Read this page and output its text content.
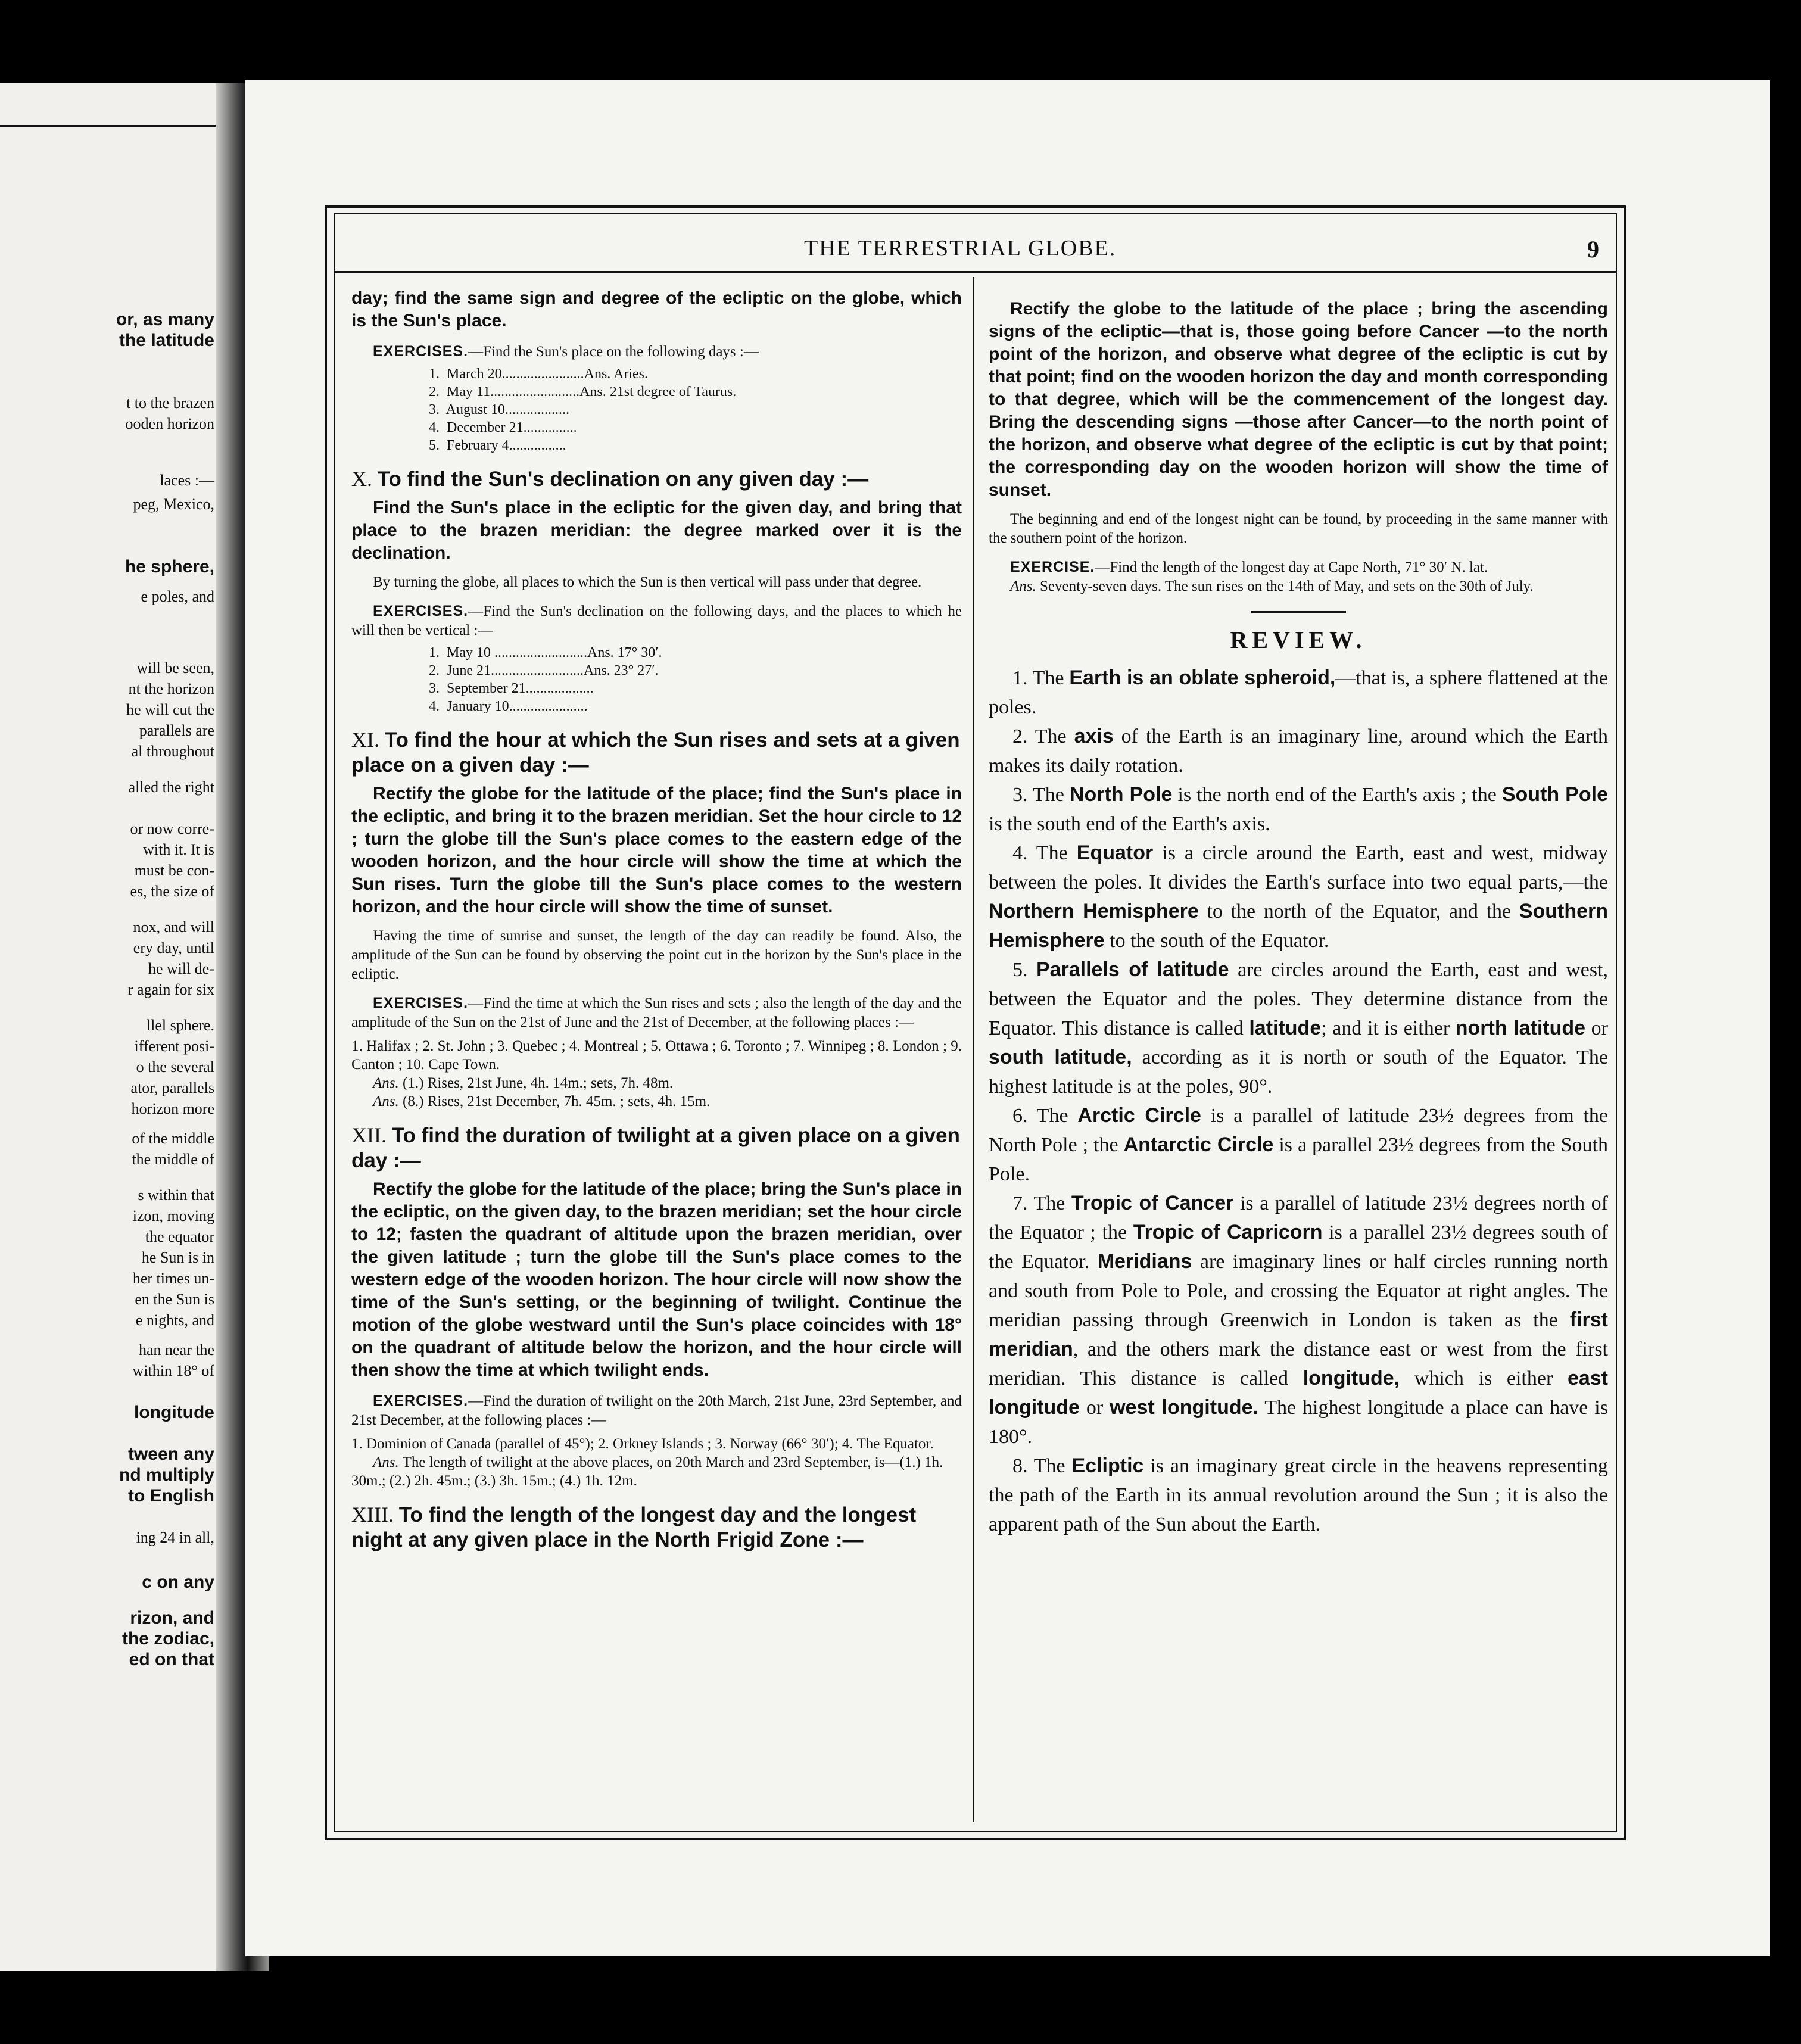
or, as many
the latitude
t to the brazen
ooden horizon
laces :—
peg, Mexico,
he sphere,
e poles, and
will be seen,
nt the horizon
he will cut the
parallels are
al throughout
alled the right
or now corre-
with it. It is
must be con-
es, the size of
nox, and will
ery day, until
he will de-
r again for six
llel sphere.
ifferent posi-
o the several
ator, parallels
horizon more
of the middle
the middle of
s within that
izon, moving
the equator
he Sun is in
her times un-
en the Sun is
e nights, and
han near the
within 18° of
longitude
tween any
nd multiply
to English
ing 24 in all,
c on any
rizon, and
the zodiac,
ed on that
THE TERRESTRIAL GLOBE.	9

day; find the same sign and degree of the ecliptic on the globe, which is the Sun's place.

EXERCISES.—Find the Sun's place on the following days :—

1.  March 20.......................Ans. Aries.
2.  May 11.........................Ans. 21st degree of Taurus.
3.  August 10..................
4.  December 21...............
5.  February 4................
X. To find the Sun's declination on any given day :—

Find the Sun's place in the ecliptic for the given day, and bring that place to the brazen meridian: the degree marked over it is the declination.

By turning the globe, all places to which the Sun is then vertical will pass under that degree.

EXERCISES.—Find the Sun's declination on the following days, and the places to which he will then be vertical :—

1.  May 10 ..........................Ans. 17° 30′.
2.  June 21..........................Ans. 23° 27′.
3.  September 21...................
4.  January 10......................
XI. To find the hour at which the Sun rises and sets at a given place on a given day :—

Rectify the globe for the latitude of the place; find the Sun's place in the ecliptic, and bring it to the brazen meridian. Set the hour circle to 12 ; turn the globe till the Sun's place comes to the eastern edge of the wooden horizon, and the hour circle will show the time at which the Sun rises. Turn the globe till the Sun's place comes to the western horizon, and the hour circle will show the time of sunset.

Having the time of sunrise and sunset, the length of the day can readily be found. Also, the amplitude of the Sun can be found by observing the point cut in the horizon by the Sun's place in the ecliptic.

EXERCISES.—Find the time at which the Sun rises and sets ; also the length of the day and the amplitude of the Sun on the 21st of June and the 21st of December, at the following places :—

1. Halifax ; 2. St. John ; 3. Quebec ; 4. Montreal ; 5. Ottawa ; 6. Toronto ; 7. Winnipeg ; 8. London ; 9. Canton ; 10. Cape Town.

Ans. (1.) Rises, 21st June, 4h. 14m.; sets, 7h. 48m.

Ans. (8.) Rises, 21st December, 7h. 45m. ; sets, 4h. 15m.

XII. To find the duration of twilight at a given place on a given day :—

Rectify the globe for the latitude of the place; bring the Sun's place in the ecliptic, on the given day, to the brazen meridian; set the hour circle to 12; fasten the quadrant of altitude upon the brazen meridian, over the given latitude ; turn the globe till the Sun's place comes to the western edge of the wooden horizon. The hour circle will now show the time of the Sun's setting, or the beginning of twilight. Continue the motion of the globe westward until the Sun's place coincides with 18° on the quadrant of altitude below the horizon, and the hour circle will then show the time at which twilight ends.

EXERCISES.—Find the duration of twilight on the 20th March, 21st June, 23rd September, and 21st December, at the following places :—

1. Dominion of Canada (parallel of 45°); 2. Orkney Islands ; 3. Norway (66° 30′); 4. The Equator.

Ans. The length of twilight at the above places, on 20th March and 23rd September, is—(1.) 1h. 30m.; (2.) 2h. 45m.; (3.) 3h. 15m.; (4.) 1h. 12m.

XIII. To find the length of the longest day and the longest night at any given place in the North Frigid Zone :—

Rectify the globe to the latitude of the place ; bring the ascending signs of the ecliptic—that is, those going before Cancer —to the north point of the horizon, and observe what degree of the ecliptic is cut by that point; find on the wooden horizon the day and month corresponding to that degree, which will be the commencement of the longest day. Bring the descending signs —those after Cancer—to the north point of the horizon, and observe what degree of the ecliptic is cut by that point; the corresponding day on the wooden horizon will show the time of sunset.

The beginning and end of the longest night can be found, by proceeding in the same manner with the southern point of the horizon.

EXERCISE.—Find the length of the longest day at Cape North, 71° 30′ N. lat.

Ans. Seventy-seven days. The sun rises on the 14th of May, and sets on the 30th of July.

REVIEW.

1. The Earth is an oblate spheroid,—that is, a sphere flattened at the poles.

2. The axis of the Earth is an imaginary line, around which the Earth makes its daily rotation.

3. The North Pole is the north end of the Earth's axis ; the South Pole is the south end of the Earth's axis.

4. The Equator is a circle around the Earth, east and west, midway between the poles. It divides the Earth's surface into two equal parts,—the Northern Hemisphere to the north of the Equator, and the Southern Hemisphere to the south of the Equator.

5. Parallels of latitude are circles around the Earth, east and west, between the Equator and the poles. They determine distance from the Equator. This distance is called latitude; and it is either north latitude or south latitude, according as it is north or south of the Equator. The highest latitude is at the poles, 90°.

6. The Arctic Circle is a parallel of latitude 23½ degrees from the North Pole ; the Antarctic Circle is a parallel 23½ degrees from the South Pole.

7. The Tropic of Cancer is a parallel of latitude 23½ degrees north of the Equator ; the Tropic of Capricorn is a parallel 23½ degrees south of the Equator. Meridians are imaginary lines or half circles running north and south from Pole to Pole, and crossing the Equator at right angles. The meridian passing through Greenwich in London is taken as the first meridian, and the others mark the distance east or west from the first meridian. This distance is called longitude, which is either east longitude or west longitude. The highest longitude a place can have is 180°.

8. The Ecliptic is an imaginary great circle in the heavens representing the path of the Earth in its annual revolution around the Sun ; it is also the apparent path of the Sun about the Earth.
